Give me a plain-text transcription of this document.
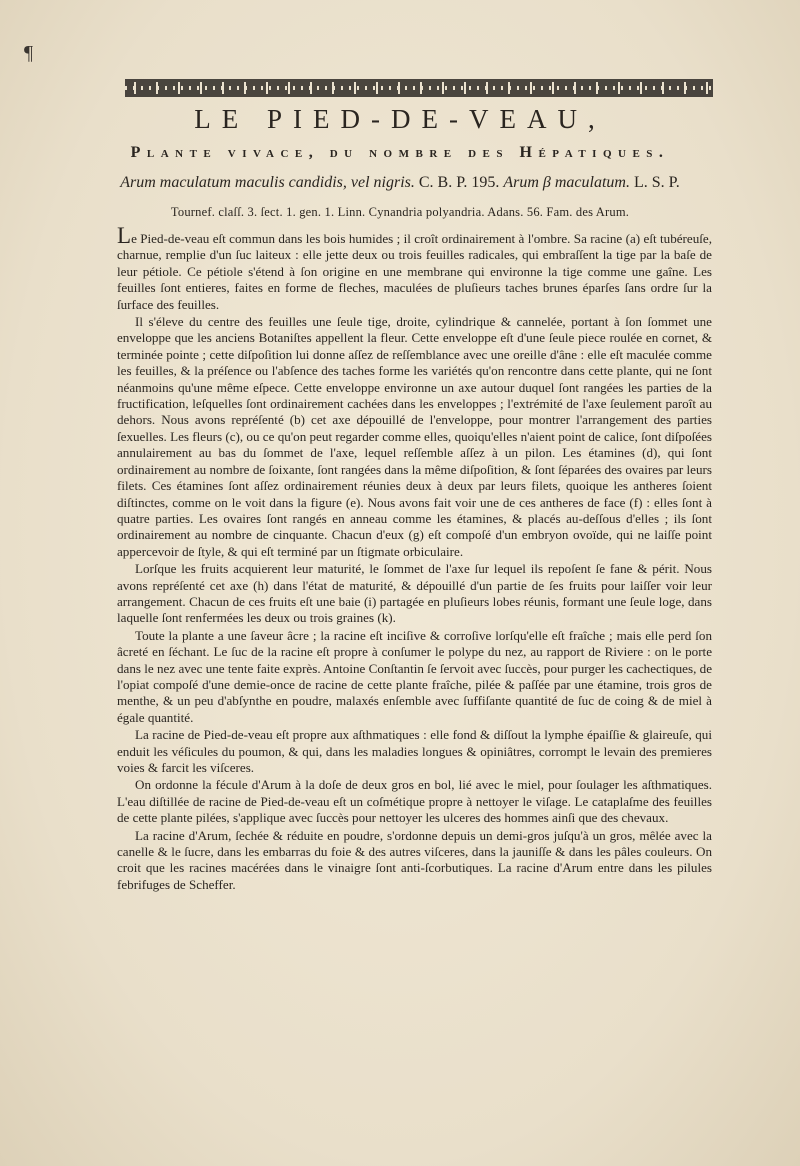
¶
LE PIED-DE-VEAU,
Plante vivace, du nombre des Hépatiques.

Arum maculatum maculis candidis, vel nigris. C. B. P. 195. Arum β maculatum. L. S. P.

Tournef. claſſ. 3. ſect. 1. gen. 1. Linn. Cynandria polyandria. Adans. 56. Fam. des Arum.

Le Pied-de-veau eſt commun dans les bois humides ; il croît ordinairement à l'ombre. Sa racine (a) eſt tubéreuſe, charnue, remplie d'un ſuc laiteux : elle jette deux ou trois feuilles radicales, qui embraſſent la tige par la baſe de leur pétiole. Ce pétiole s'étend à ſon origine en une membrane qui environne la tige comme une gaîne. Les feuilles ſont entieres, faites en forme de fleches, maculées de pluſieurs taches brunes éparſes ſans ordre ſur la ſurface des feuilles.

Il s'éleve du centre des feuilles une ſeule tige, droite, cylindrique & cannelée, portant à ſon ſommet une enveloppe que les anciens Botaniſtes appellent la fleur. Cette enveloppe eſt d'une ſeule piece roulée en cornet, & terminée pointe ; cette diſpoſition lui donne aſſez de reſſemblance avec une oreille d'âne : elle eſt maculée comme les feuilles, & la préſence ou l'abſence des taches forme les variétés qu'on rencontre dans cette plante, qui ne ſont néanmoins qu'une même eſpece. Cette enveloppe environne un axe autour duquel ſont rangées les parties de la fructification, leſquelles ſont ordinairement cachées dans les enveloppes ; l'extrémité de l'axe ſeulement paroît au dehors. Nous avons repréſenté (b) cet axe dépouillé de l'enveloppe, pour montrer l'arrangement des parties ſexuelles. Les fleurs (c), ou ce qu'on peut regarder comme elles, quoiqu'elles n'aient point de calice, ſont diſpoſées annulairement au bas du ſommet de l'axe, lequel reſſemble aſſez à un pilon. Les étamines (d), qui ſont ordinairement au nombre de ſoixante, ſont rangées dans la même diſpoſition, & ſont ſéparées des ovaires par leurs filets. Ces étamines ſont aſſez ordinairement réunies deux à deux par leurs filets, quoique les antheres ſoient diſtinctes, comme on le voit dans la figure (e). Nous avons fait voir une de ces antheres de face (f) : elles ſont à quatre parties. Les ovaires ſont rangés en anneau comme les étamines, & placés au-deſſous d'elles ; ils ſont ordinairement au nombre de cinquante. Chacun d'eux (g) eſt compoſé d'un embryon ovoïde, qui ne laiſſe point appercevoir de ſtyle, & qui eſt terminé par un ſtigmate orbiculaire.

Lorſque les fruits acquierent leur maturité, le ſommet de l'axe ſur lequel ils repoſent ſe fane & périt. Nous avons repréſenté cet axe (h) dans l'état de maturité, & dépouillé d'un partie de ſes fruits pour laiſſer voir leur arrangement. Chacun de ces fruits eſt une baie (i) partagée en pluſieurs lobes réunis, formant une ſeule loge, dans laquelle ſont renfermées les deux ou trois graines (k).

Toute la plante a une ſaveur âcre ; la racine eſt inciſive & corroſive lorſqu'elle eſt fraîche ; mais elle perd ſon âcreté en ſéchant. Le ſuc de la racine eſt propre à conſumer le polype du nez, au rapport de Riviere : on le porte dans le nez avec une tente faite exprès. Antoine Conſtantin ſe ſervoit avec ſuccès, pour purger les cachectiques, de l'opiat compoſé d'une demie-once de racine de cette plante fraîche, pilée & paſſée par une étamine, trois gros de menthe, & un peu d'abſynthe en poudre, malaxés enſemble avec ſuffiſante quantité de ſuc de coing & de miel à égale quantité.

La racine de Pied-de-veau eſt propre aux aſthmatiques : elle fond & diſſout la lymphe épaiſſie & glaireuſe, qui enduit les véſicules du poumon, & qui, dans les maladies longues & opiniâtres, corrompt le levain des premieres voies & farcit les viſceres.

On ordonne la fécule d'Arum à la doſe de deux gros en bol, lié avec le miel, pour ſoulager les aſthmatiques. L'eau diſtillée de racine de Pied-de-veau eſt un coſmétique propre à nettoyer le viſage. Le cataplaſme des feuilles de cette plante pilées, s'applique avec ſuccès pour nettoyer les ulceres des hommes ainſi que des chevaux.

La racine d'Arum, ſechée & réduite en poudre, s'ordonne depuis un demi-gros juſqu'à un gros, mêlée avec la canelle & le ſucre, dans les embarras du foie & des autres viſceres, dans la jauniſſe & dans les pâles couleurs. On croit que les racines macérées dans le vinaigre ſont anti-ſcorbutiques. La racine d'Arum entre dans les pilules febrifuges de Scheffer.
